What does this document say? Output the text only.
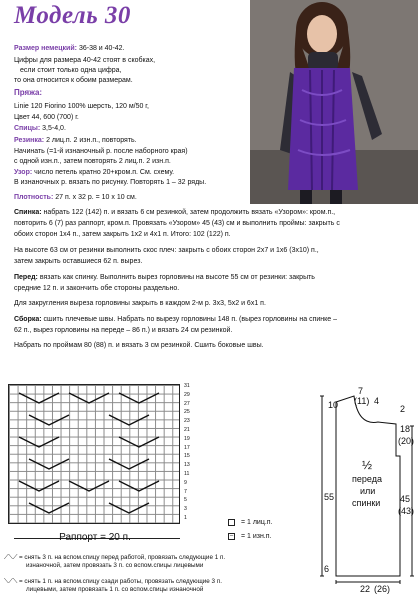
Модель 30
Размер немецкий: 36-38 и 40-42.
Цифры для размера 40-42 стоят в скобках,
если стоит только одна цифра,
то она относится к обоим размерам.
Пряжа:
Linie 120 Fiorino 100% шерсть, 120 м/50 г,
Цвет 44, 600 (700) г.
Спицы: 3,5-4,0.
Резинка: 2 лиц.п. 2 изн.п., повторять.
Начинать (=1-й изнаночный р. после наборного края)
с одной изн.п., затем повторять 2 лиц.п. 2 изн.п.
Узор: число петель кратно 20+кром.п. См. схему.
В изнаночных р. вязать по рисунку. Повторять 1 – 32 ряды.
Плотность: 27 п. х 32 р. = 10 х 10 см.
Спинка: набрать 122 (142) п. и вязать 6 см резинкой, затем продолжить вязать «Узором»: кром.п.,
повторить 6 (7) раз раппорт, кром.п. Провязать «Узором» 45 (43) см и выполнить проймы: закрыть с
обоих сторон 1х4 п., затем закрыть 1х2 и 4х1 п. Итого: 102 (122) п.
На высоте 63 см от резинки выполнить скос плеч: закрыть с обоих сторон 2х7 и 1х6 (3х10) п.,
затем закрыть оставшиеся 62 п. вырез.
Перед: вязать как спинку. Выполнить вырез горловины на высоте 55 см от резинки: закрыть
средние 12 п. и закончить обе стороны раздельно.
Для закругления выреза горловины закрыть в каждом 2-м р. 3х3, 5х2 и 6х1 п.
Сборка: сшить плечевые швы. Набрать по вырезу горловины 148 п. (вырез горловины на спинке –
62 п., вырез горловины на переде – 86 п.) и вязать 24 см резинкой.
Набрать по проймам 80 (88) п. и вязать 3 см резинкой. Сшить боковые швы.
31
29
27
25
23
21
19
17
15
13
11
9
7
5
3
1
Раппорт = 20 п.
= 1 лиц.п.
– = 1 изн.п.
⟋⟍⟋ = снять 3 п. на вспом.спицу перед работой, провязать следующие 1 п.
изнаночной, затем провязать 3 п. со вспом.спицы лицевыми
⟍⟋⟍ = снять 1 п. на вспом.спицу сзади работы, провязать следующие 3 п.
лицевыми, затем провязать 1 п. со вспом.спицы изнаночной
7
(11) 4
10	2
18
(20)
55	45
(43)
½
переда
или
спинки
6
22 (26)
